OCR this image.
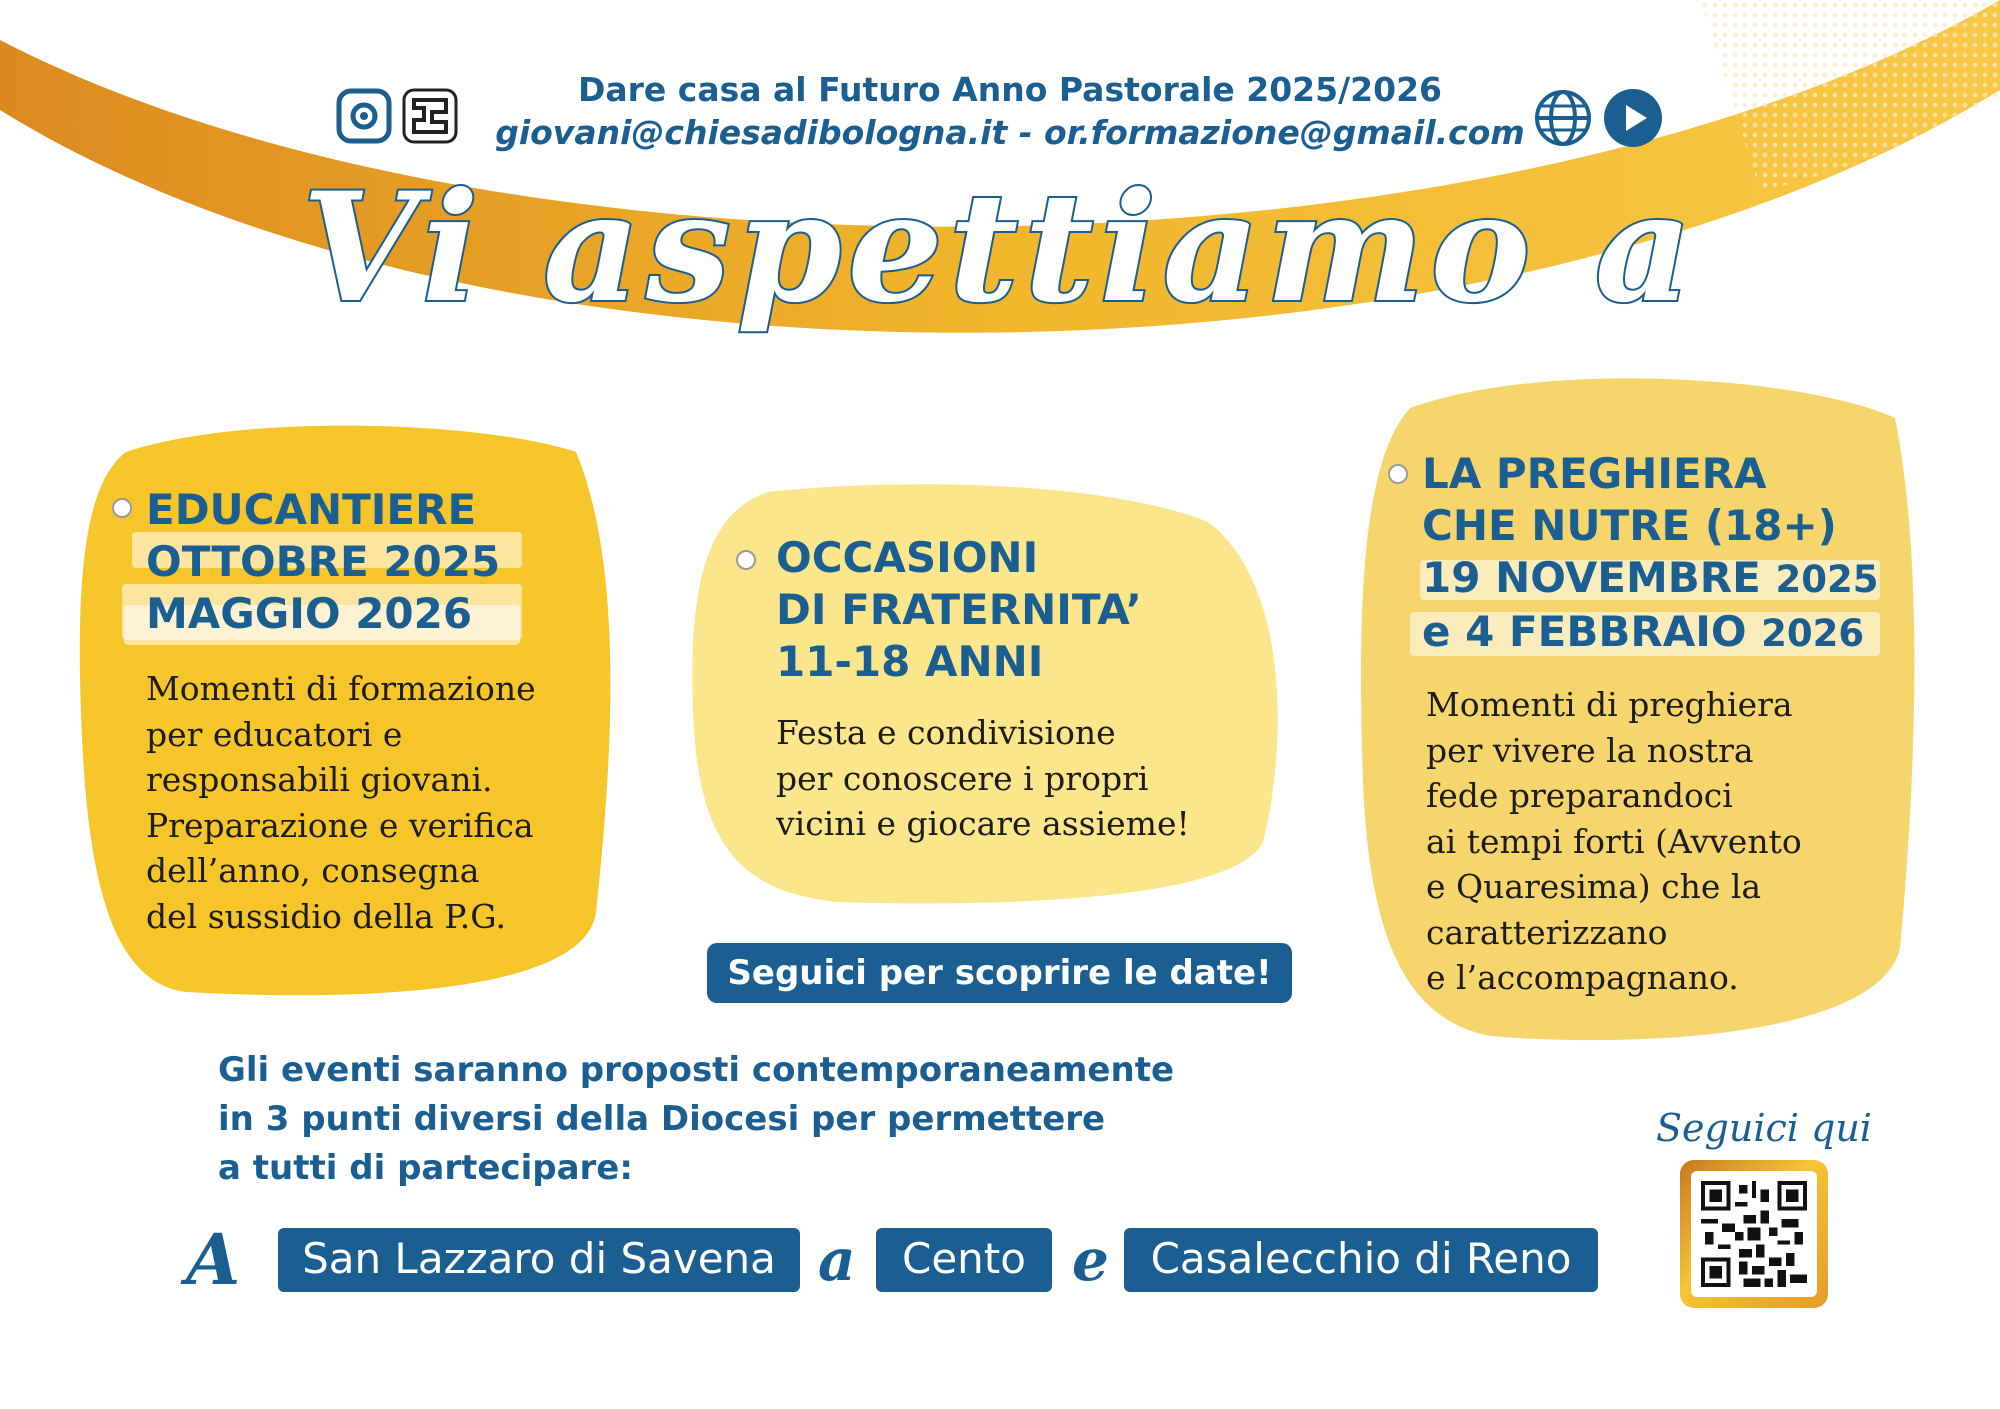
Dare casa al Futuro Anno Pastorale 2025/2026
giovani@chiesadibologna.it - or.formazione@gmail.com
Vi aspettiamo a
EDUCANTIERE
OTTOBRE 2025
MAGGIO 2026
Momenti di formazione
per educatori e
responsabili giovani.
Preparazione e verifica
dell’anno, consegna
del sussidio della P.G.
OCCASIONI
DI FRATERNITA’
11-18 ANNI
Festa e condivisione
per conoscere i propri
vicini e giocare assieme!
LA PREGHIERA
CHE NUTRE (18+)
19 NOVEMBRE 2025
e 4 FEBBRAIO 2026
Momenti di preghiera
per vivere la nostra
fede preparandoci
ai tempi forti (Avvento
e Quaresima) che la
caratterizzano
e l’accompagnano.
Seguici per scoprire le date!
Gli eventi saranno proposti contemporaneamente
in 3 punti diversi della Diocesi per permettere
a tutti di partecipare:
A	San Lazzaro di Savena a	Cento e Casalecchio di Reno
Seguici qui
